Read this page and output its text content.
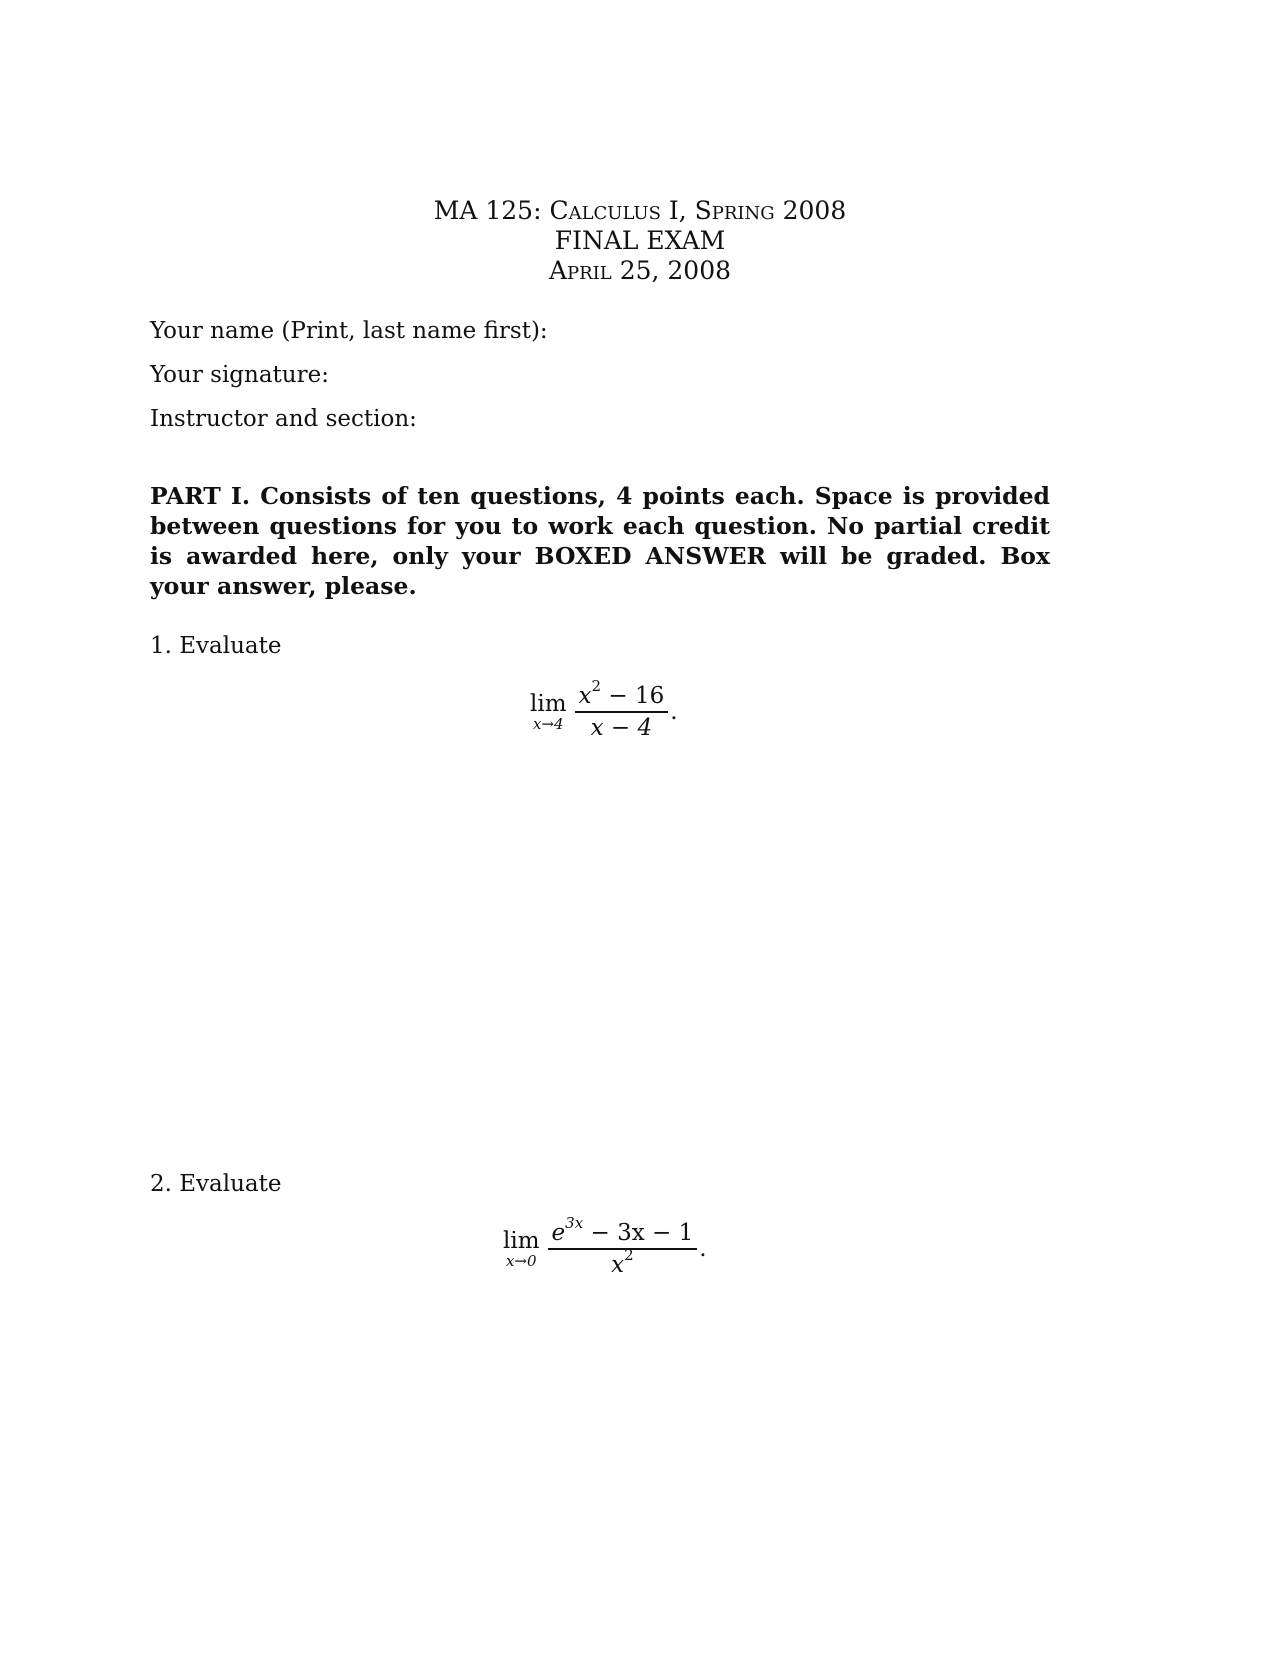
MA 125: Calculus I, Spring 2008
FINAL EXAM
April 25, 2008
Your name (Print, last name first):
Your signature:
Instructor and section:
PART I. Consists of ten questions, 4 points each. Space is provided between questions for you to work each question. No partial credit is awarded here, only your BOXED ANSWER will be graded. Box your answer, please.
1. Evaluate
lim
$x\to 4 \frac{x^2 - 16}{x - 4}$ .
2. Evaluate
lim
$x\to 0 \frac{e^{3x} - 3x - 1}{x^2}$ .
